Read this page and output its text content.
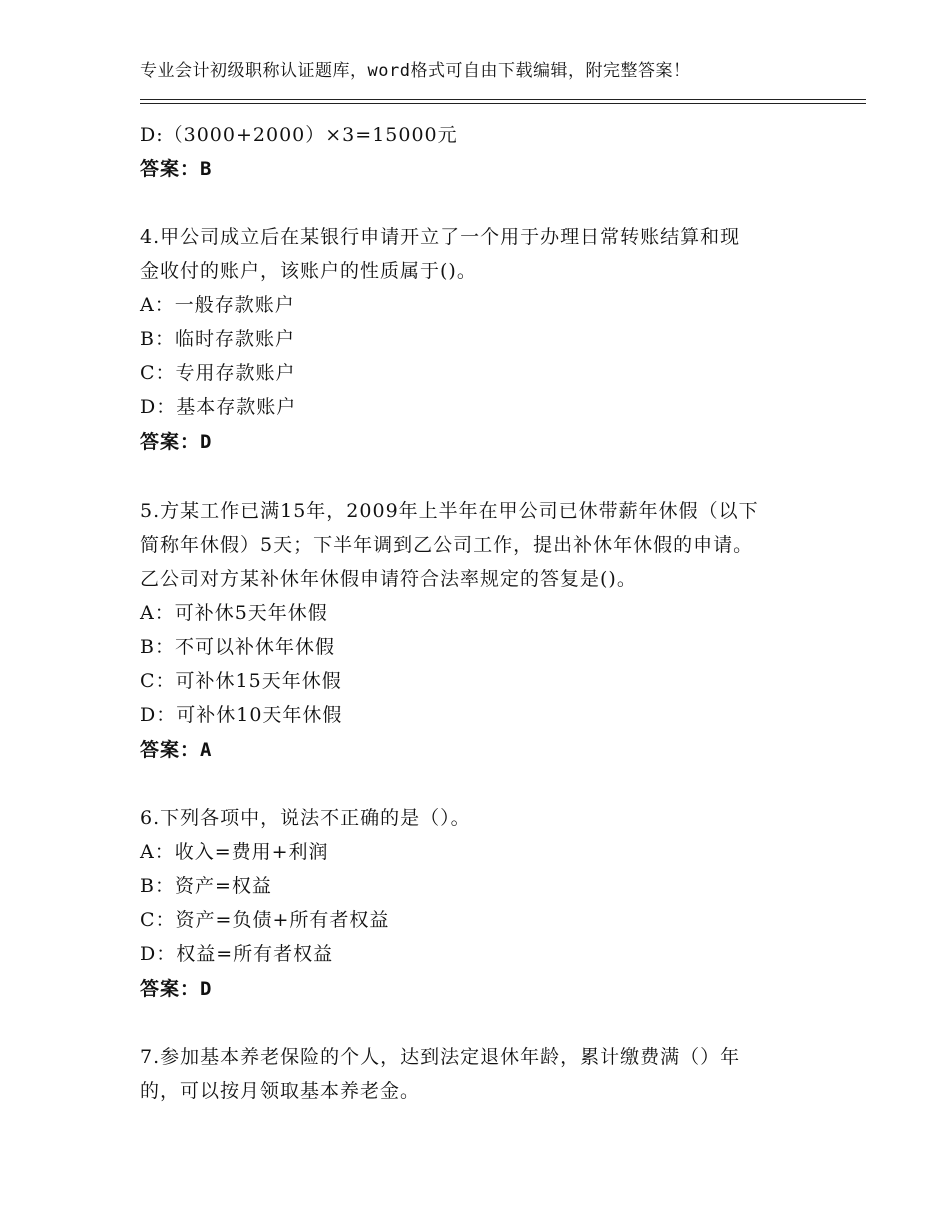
专业会计初级职称认证题库，word格式可自由下载编辑，附完整答案！
D:（3000+2000）×3=15000元
答案：B
4.甲公司成立后在某银行申请开立了一个用于办理日常转账结算和现
金收付的账户，该账户的性质属于()。
A：一般存款账户
B：临时存款账户
C：专用存款账户
D：基本存款账户
答案：D
5.方某工作已满15年，2009年上半年在甲公司已休带薪年休假（以下
简称年休假）5天；下半年调到乙公司工作，提出补休年休假的申请。
乙公司对方某补休年休假申请符合法率规定的答复是()。
A：可补休5天年休假
B：不可以补休年休假
C：可补休15天年休假
D：可补休10天年休假
答案：A
6.下列各项中，说法不正确的是（）。
A：收入=费用+利润
B：资产=权益
C：资产=负债+所有者权益
D：权益=所有者权益
答案：D
7.参加基本养老保险的个人，达到法定退休年龄，累计缴费满（）年
的，可以按月领取基本养老金。
